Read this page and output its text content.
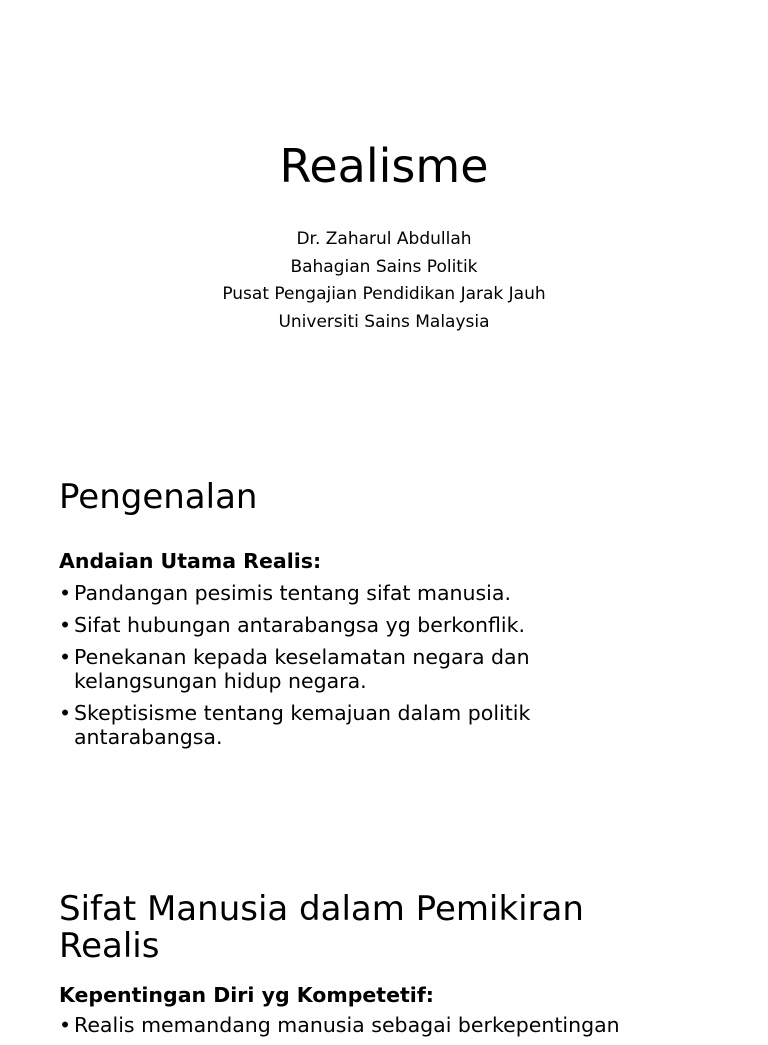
Realisme
Dr. Zaharul Abdullah
Bahagian Sains Politik
Pusat Pengajian Pendidikan Jarak Jauh
Universiti Sains Malaysia
Pengenalan
Andaian Utama Realis:
• Pandangan pesimis tentang sifat manusia.
• Sifat hubungan antarabangsa yg berkonflik.
• Penekanan kepada keselamatan negara dan kelangsungan hidup negara.
• Skeptisisme tentang kemajuan dalam politik antarabangsa.
Sifat Manusia dalam Pemikiran
Realis
Kepentingan Diri yg Kompetetif:
• Realis memandang manusia sebagai berkepentingan
